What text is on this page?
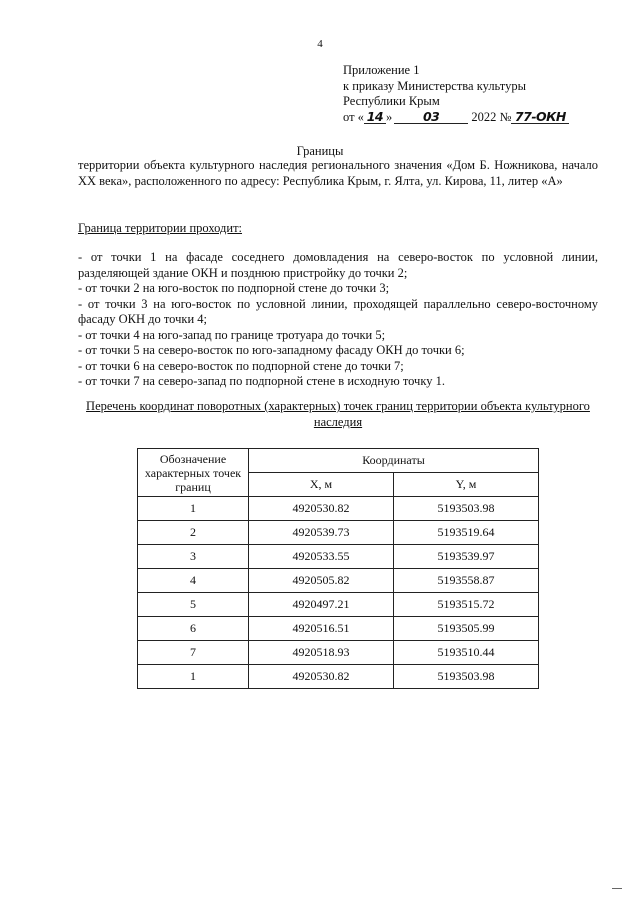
4
Приложение 1
к приказу Министерства культуры
Республики Крым
от « 14 » 03	2022 № 77-ОКН
Границы
территории объекта культурного наследия регионального значения «Дом Б. Ножникова, начало XX века», расположенного по адресу: Республика Крым, г. Ялта, ул. Кирова, 11, литер «А»
Граница территории проходит:
- от точки 1 на фасаде соседнего домовладения на северо-восток по условной линии, разделяющей здание ОКН и позднюю пристройку до точки 2;
- от точки 2 на юго-восток по подпорной стене до точки 3;
- от точки 3 на юго-восток по условной линии, проходящей параллельно северо-восточному фасаду ОКН до точки 4;
- от точки 4 на юго-запад по границе тротуара до точки 5;
- от точки 5 на северо-восток по юго-западному фасаду ОКН до точки 6;
- от точки 6 на северо-восток по подпорной стене до точки 7;
- от точки 7 на северо-запад по подпорной стене в исходную точку 1.
Перечень координат поворотных (характерных) точек границ территории объекта культурного наследия
Обозначение характерных точек границ	Координаты	
	X, м	Y, м
1	4920530.82	5193503.98
2	4920539.73	5193519.64
3	4920533.55	5193539.97
4	4920505.82	5193558.87
5	4920497.21	5193515.72
6	4920516.51	5193505.99
7	4920518.93	5193510.44
1	4920530.82	5193503.98
